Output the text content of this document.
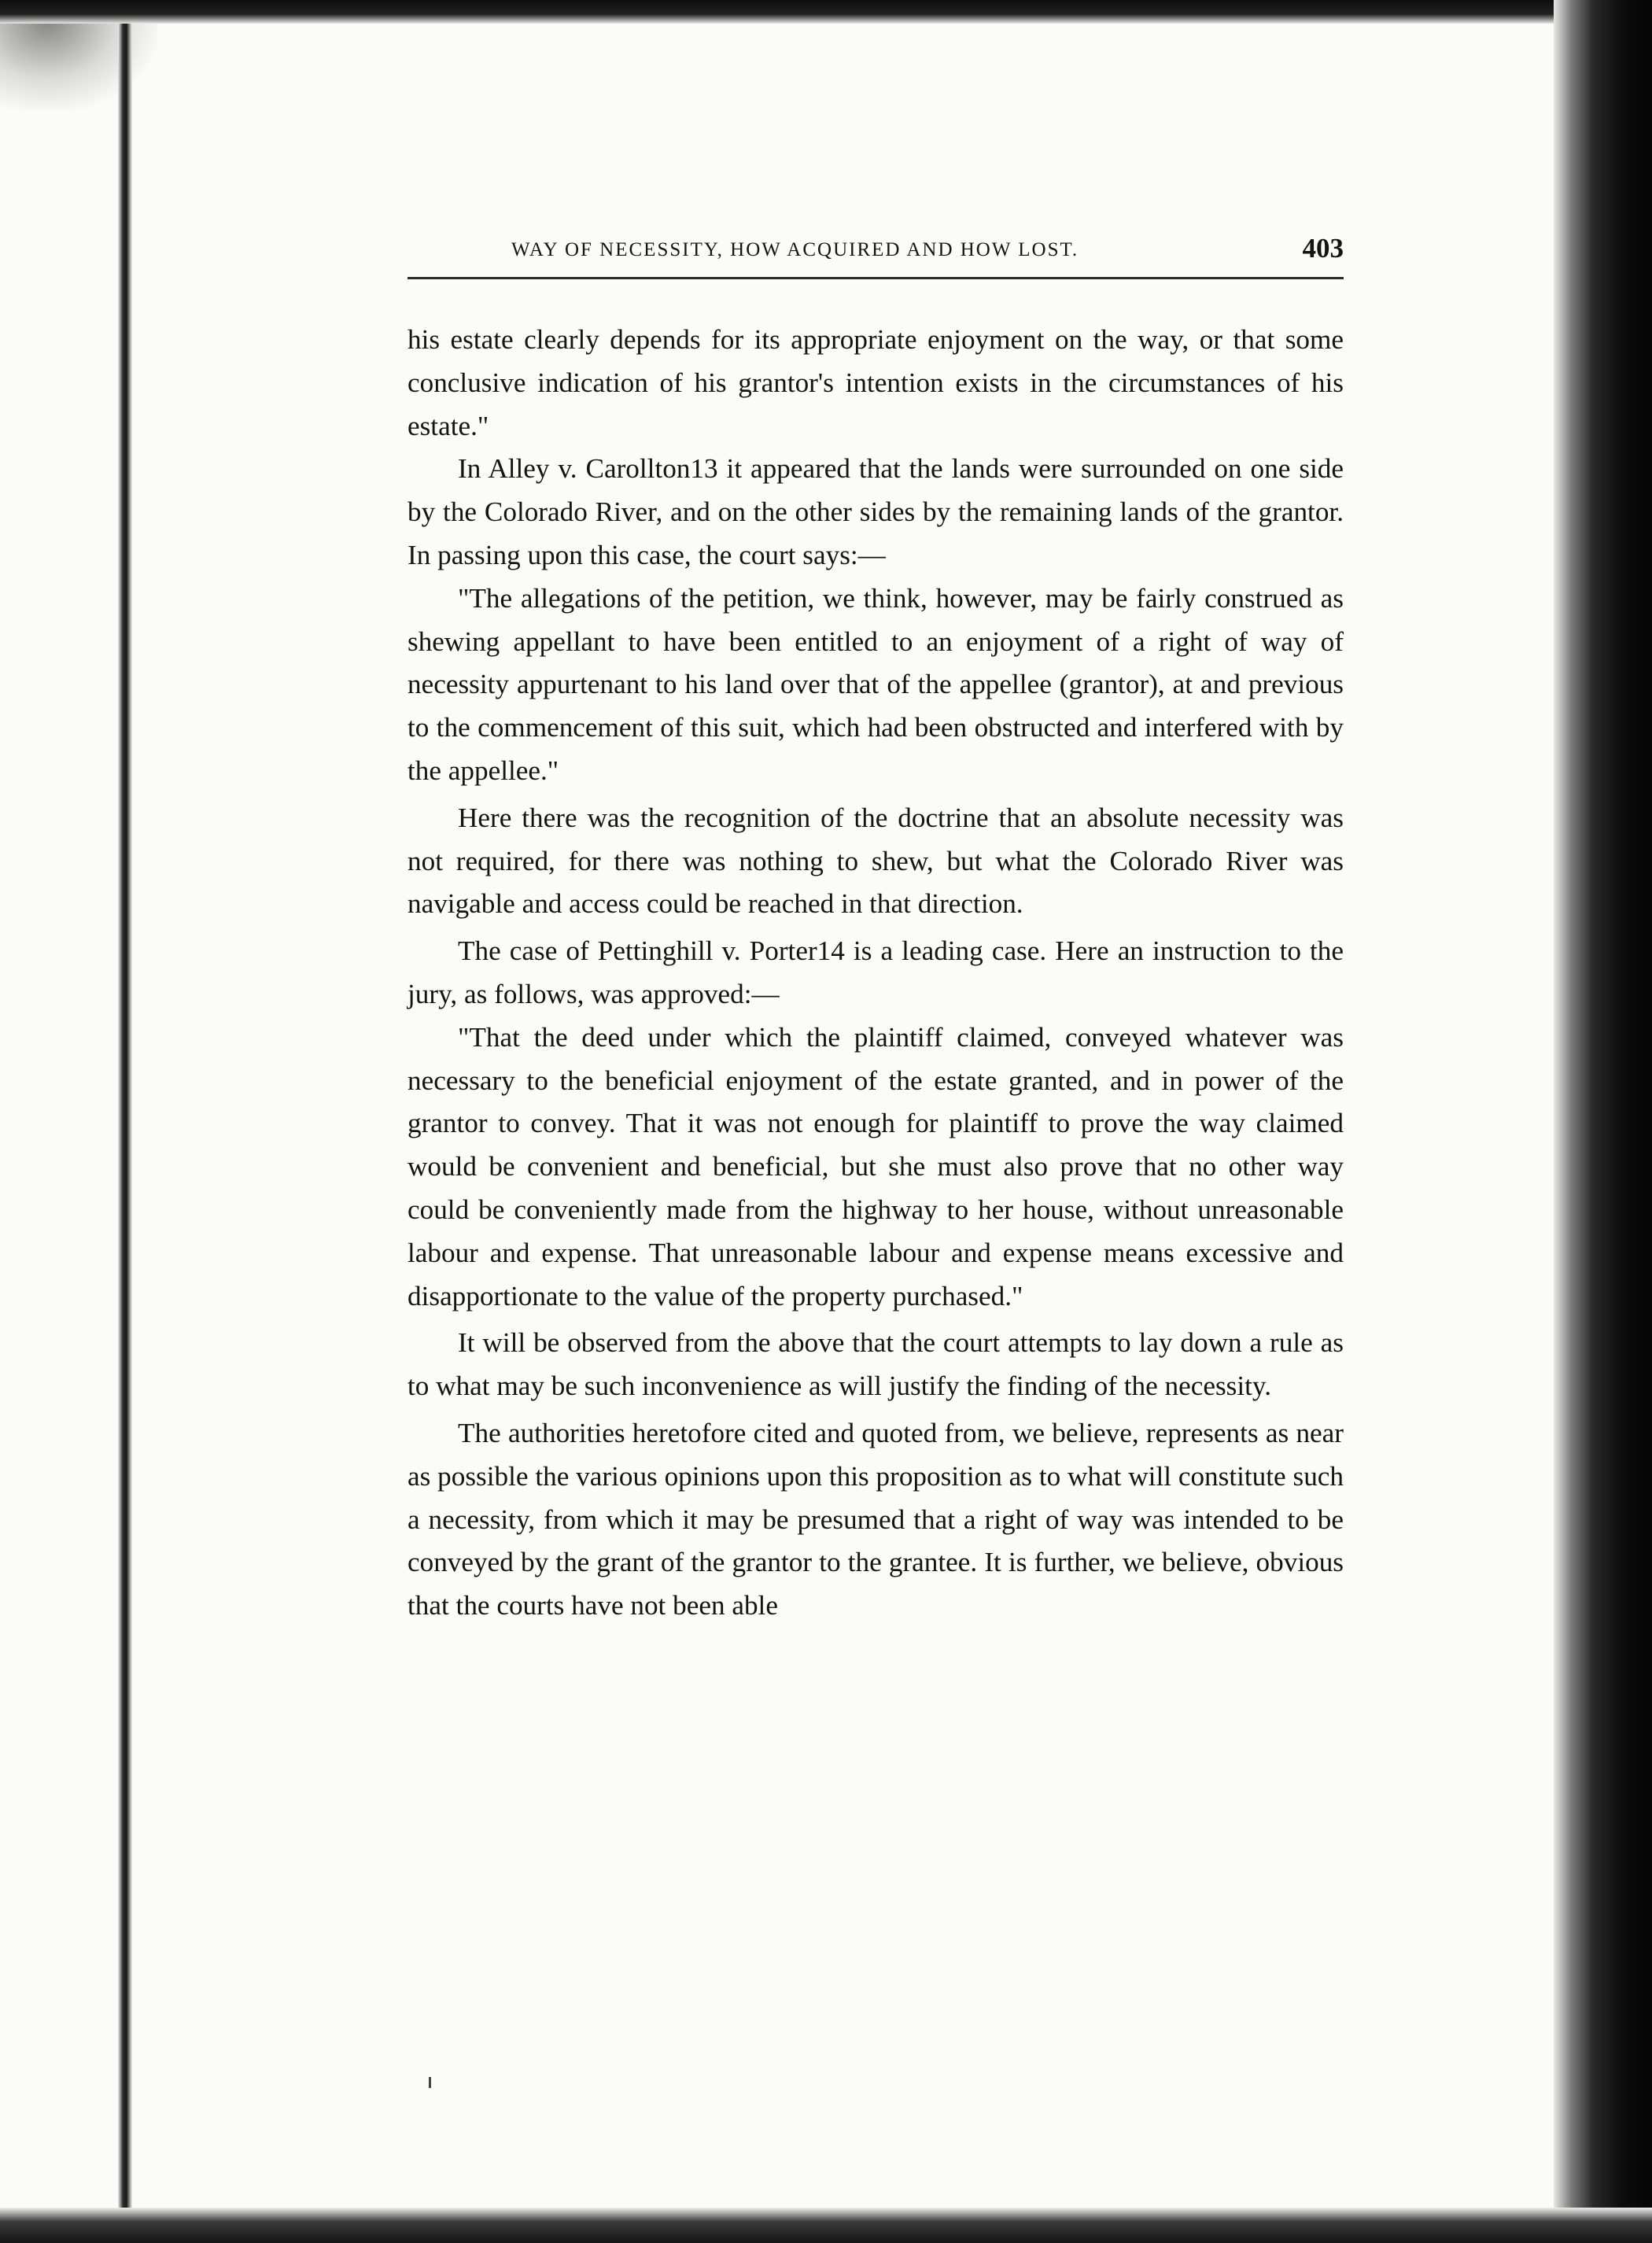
WAY OF NECESSITY, HOW ACQUIRED AND HOW LOST.	403

his estate clearly depends for its appropriate enjoyment on the way, or that some conclusive indication of his grantor's intention exists in the circumstances of his estate."

In Alley v. Carollton13 it appeared that the lands were surrounded on one side by the Colorado River, and on the other sides by the remaining lands of the grantor. In passing upon this case, the court says:—

"The allegations of the petition, we think, however, may be fairly construed as shewing appellant to have been entitled to an enjoyment of a right of way of necessity appurtenant to his land over that of the appellee (grantor), at and previous to the commencement of this suit, which had been obstructed and interfered with by the appellee."

Here there was the recognition of the doctrine that an absolute necessity was not required, for there was nothing to shew, but what the Colorado River was navigable and access could be reached in that direction.

The case of Pettinghill v. Porter14 is a leading case. Here an instruction to the jury, as follows, was approved:—

"That the deed under which the plaintiff claimed, conveyed whatever was necessary to the beneficial enjoyment of the estate granted, and in power of the grantor to convey. That it was not enough for plaintiff to prove the way claimed would be convenient and beneficial, but she must also prove that no other way could be conveniently made from the highway to her house, without unreasonable labour and expense. That unreasonable labour and expense means excessive and disapportionate to the value of the property purchased."

It will be observed from the above that the court attempts to lay down a rule as to what may be such inconvenience as will justify the finding of the necessity.

The authorities heretofore cited and quoted from, we believe, represents as near as possible the various opinions upon this proposition as to what will constitute such a necessity, from which it may be presumed that a right of way was intended to be conveyed by the grant of the grantor to the grantee. It is further, we believe, obvious that the courts have not been able
